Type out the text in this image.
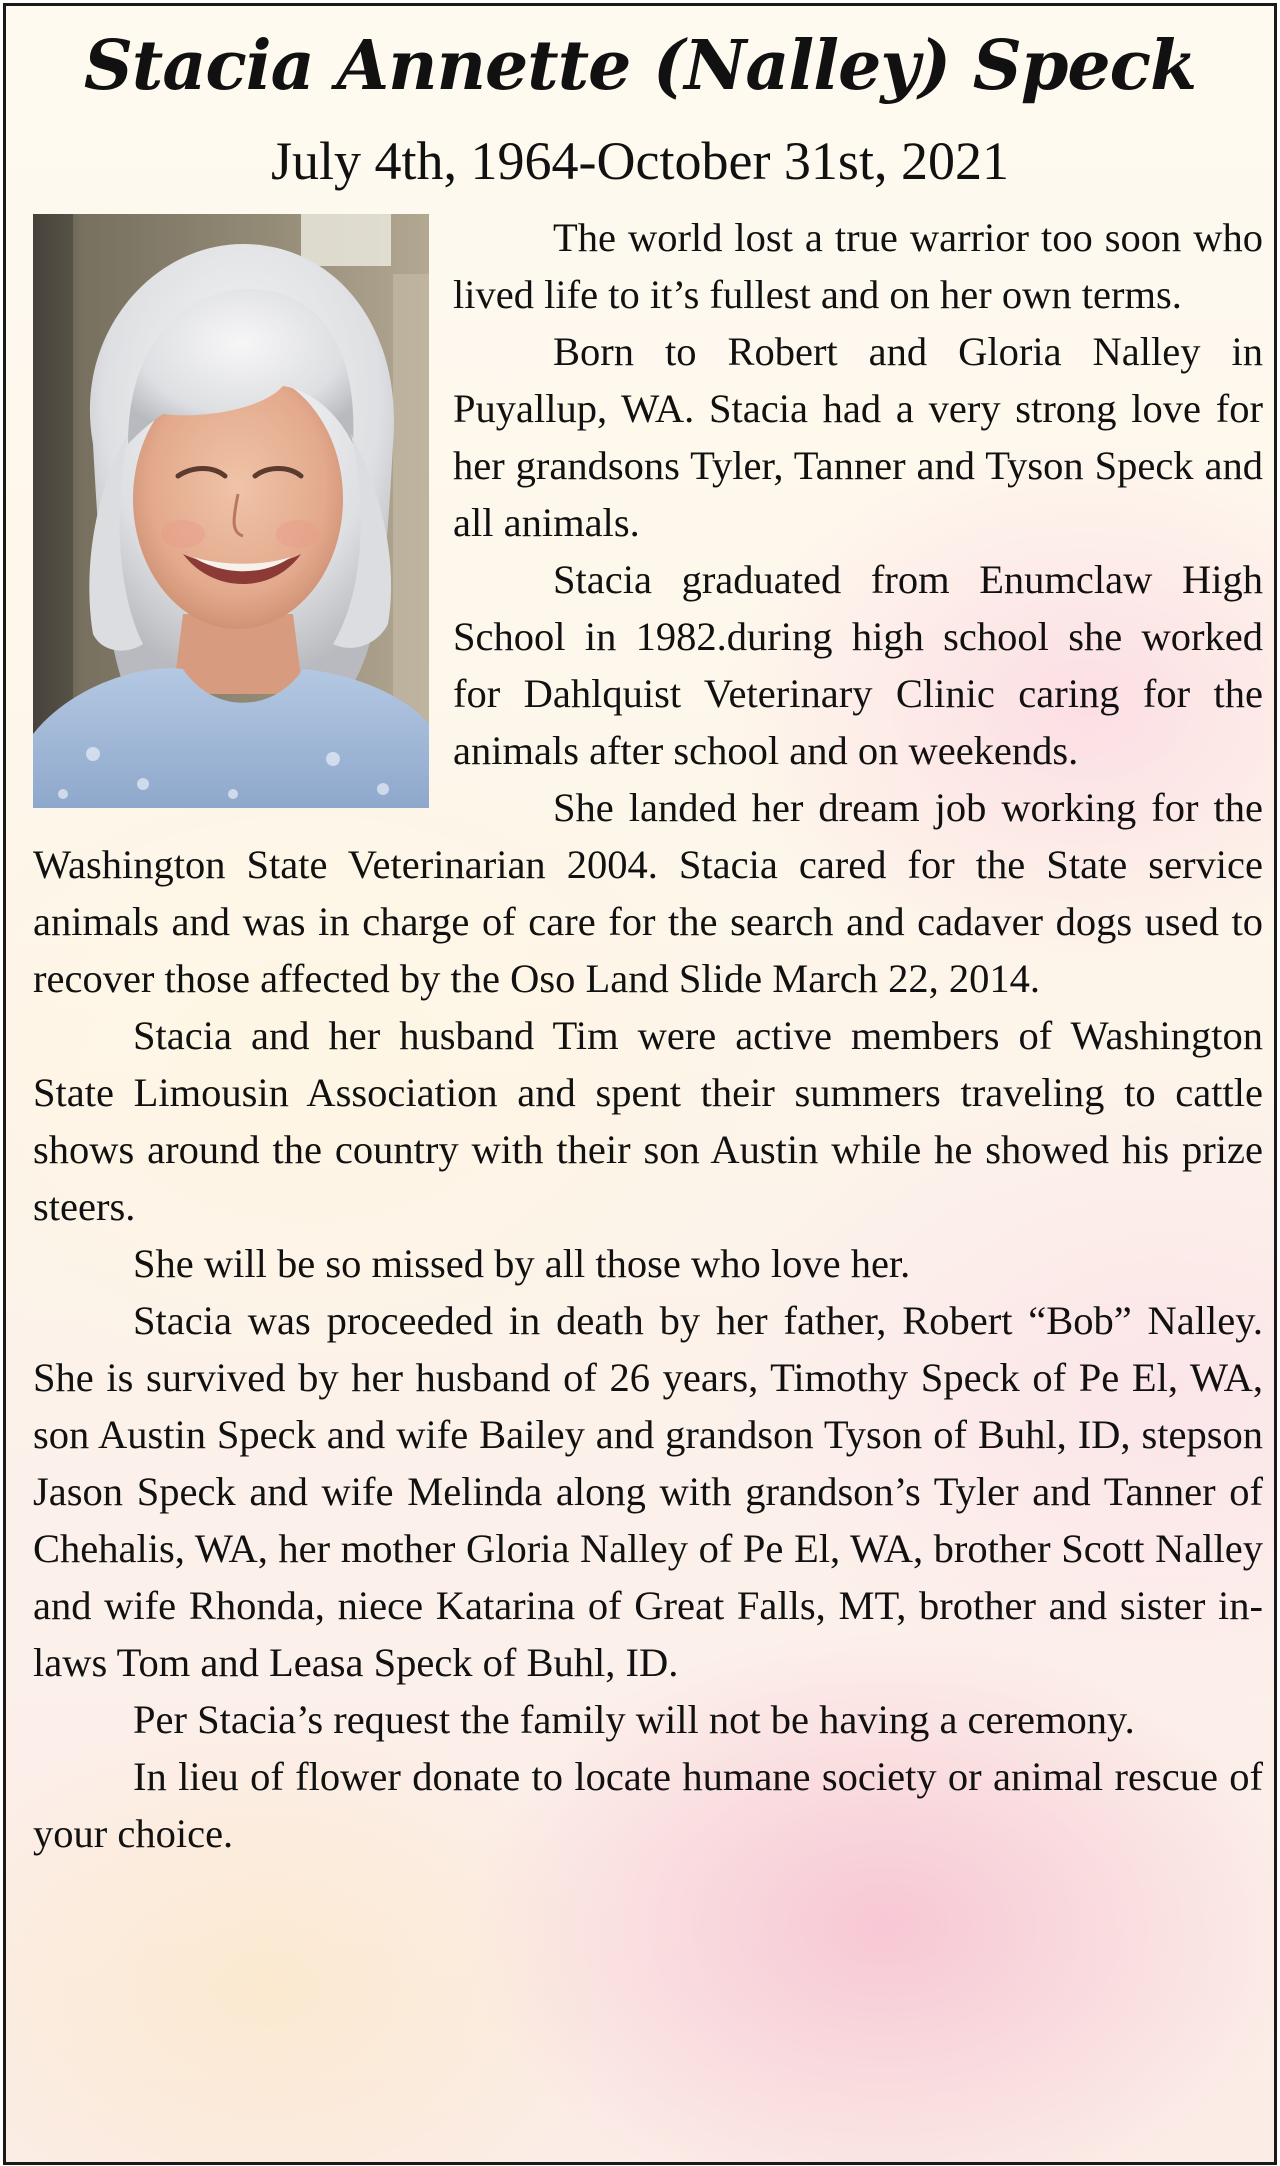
Stacia Annette (Nalley) Speck
July 4th, 1964-October 31st, 2021

The world lost a true warrior too soon who lived life to it’s fullest and on her own terms.

Born to Robert and Gloria Nalley in Puyallup, WA. Stacia had a very strong love for her grandsons Tyler, Tanner and Tyson Speck and all animals.

Stacia graduated from Enumclaw High School in 1982.during high school she worked for Dahlquist Veterinary Clinic caring for the animals after school and on weekends.

She landed her dream job working for the Washington State Veterinarian 2004. Stacia cared for the State service animals and was in charge of care for the search and cadaver dogs used to recover those affected by the Oso Land Slide March 22, 2014.

Stacia and her husband Tim were active members of Washington State Limousin Association and spent their summers traveling to cattle shows around the country with their son Austin while he showed his prize steers.

She will be so missed by all those who love her.

Stacia was proceeded in death by her father, Robert “Bob” Nalley. She is survived by her husband of 26 years, Timothy Speck of Pe El, WA, son Austin Speck and wife Bailey and grandson Tyson of Buhl, ID, stepson Jason Speck and wife Melinda along with grandson’s Tyler and Tanner of Chehalis, WA, her mother Gloria Nalley of Pe El, WA, brother Scott Nalley and wife Rhonda, niece Katarina of Great Falls, MT, brother and sister in-laws Tom and Leasa Speck of Buhl, ID.

Per Stacia’s request the family will not be having a ceremony.

In lieu of flower donate to locate humane society or animal rescue of your choice.
